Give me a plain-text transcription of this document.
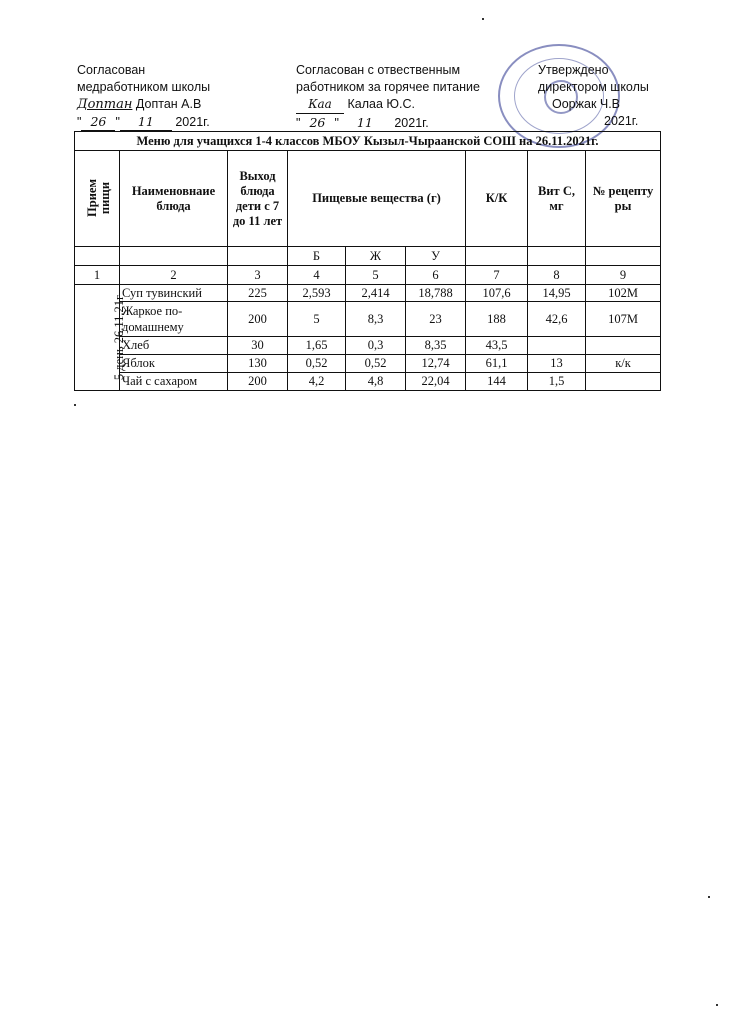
Согласован
медработником школы
Доптан Доптан А.В
" 26 " 11 2021г.
Согласован с отвественным
работником за горячее питание
Каа Калаа Ю.С.
" 26 " 11 2021г.
Утверждено
директором школы
Ооржак Ч.В
2021г.
Меню для учащихся 1-4 классов МБОУ Кызыл-Чыраанской СОШ на 26.11.2021г.								
Прием пищи	Наименовнаие блюда	Выход блюда дети с 7 до 11 лет	Пищевые вещества (г)			К/К	Вит С, мг	№ рецепту ры
			Б	Ж	У			
1	2	3	4	5	6	7	8	9
5 день 26.11.21г	Суп тувинский	225	2,593	2,414	18,788	107,6	14,95	102М
	Жаркое по-домашнему	200	5	8,3	23	188	42,6	107М
	Хлеб	30	1,65	0,3	8,35	43,5		
	Яблок	130	0,52	0,52	12,74	61,1	13	к/к
	Чай с сахаром	200	4,2	4,8	22,04	144	1,5	
